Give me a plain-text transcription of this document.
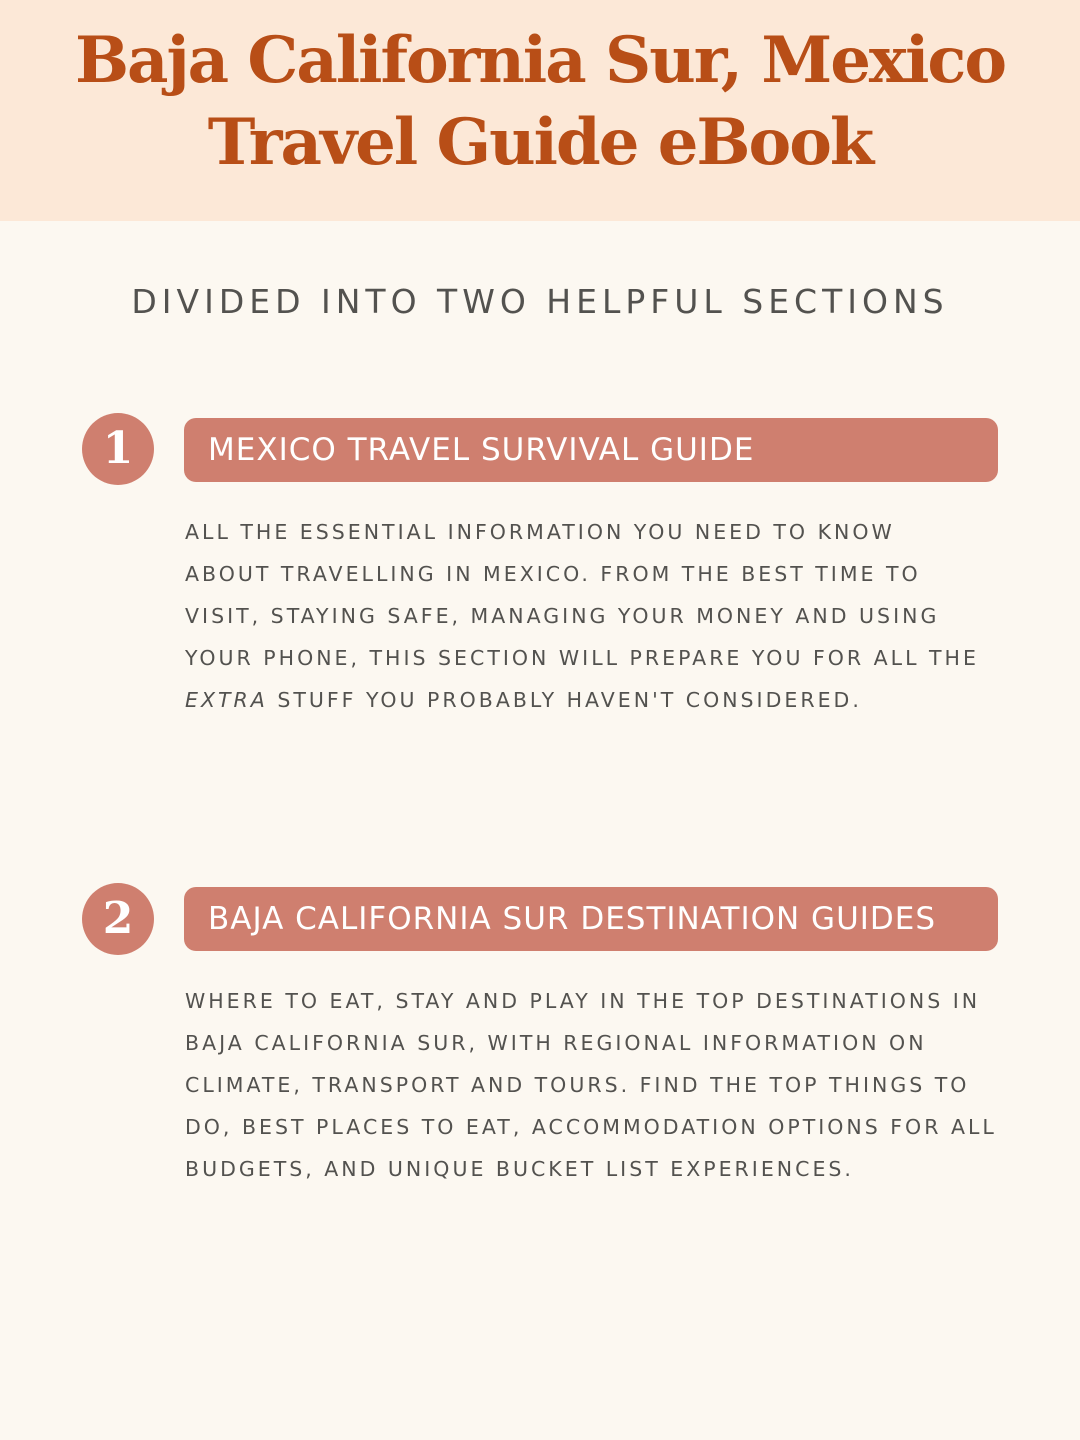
Baja California Sur, Mexico
Travel Guide eBook
DIVIDED INTO TWO HELPFUL SECTIONS
1	MEXICO TRAVEL SURVIVAL GUIDE
ALL THE ESSENTIAL INFORMATION YOU NEED TO KNOW
ABOUT TRAVELLING IN MEXICO. FROM THE BEST TIME TO
VISIT, STAYING SAFE, MANAGING YOUR MONEY AND USING
YOUR PHONE, THIS SECTION WILL PREPARE YOU FOR ALL THE
EXTRA STUFF YOU PROBABLY HAVEN'T CONSIDERED.
2	BAJA CALIFORNIA SUR DESTINATION GUIDES
WHERE TO EAT, STAY AND PLAY IN THE TOP DESTINATIONS IN
BAJA CALIFORNIA SUR, WITH REGIONAL INFORMATION ON
CLIMATE, TRANSPORT AND TOURS. FIND THE TOP THINGS TO
DO, BEST PLACES TO EAT, ACCOMMODATION OPTIONS FOR ALL
BUDGETS, AND UNIQUE BUCKET LIST EXPERIENCES.
